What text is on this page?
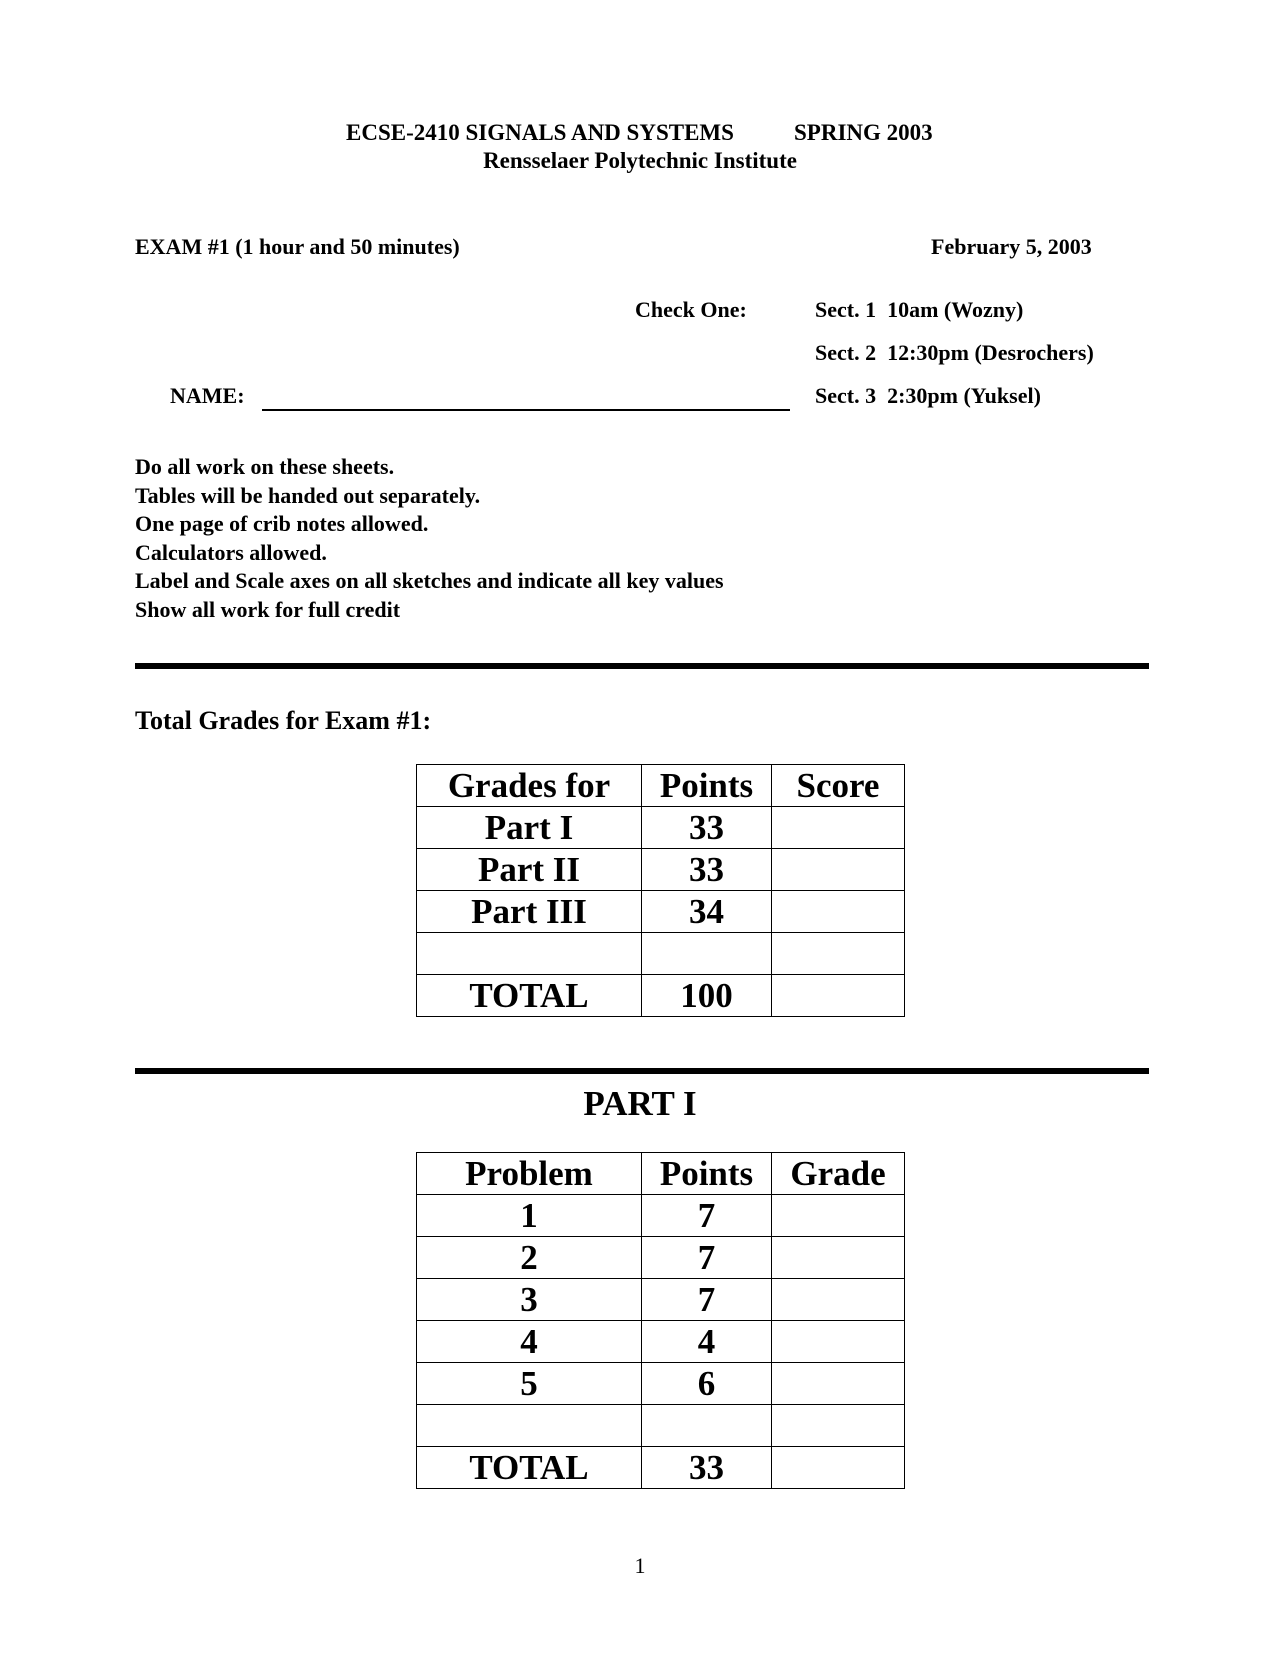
ECSE-2410 SIGNALS AND SYSTEMS	SPRING 2003
Rensselaer Polytechnic Institute
EXAM #1 (1 hour and 50 minutes)	February 5, 2003
Check One:	Sect. 1  10am (Wozny)
Sect. 2  12:30pm (Desrochers)
Sect. 3  2:30pm (Yuksel)
NAME:
Do all work on these sheets.
Tables will be handed out separately.
One page of crib notes allowed.
Calculators allowed.
Label and Scale axes on all sketches and indicate all key values
Show all work for full credit
Total Grades for Exam #1:
Grades for	Points	Score
Part I	33	
Part II	33	
Part III	34	

TOTAL	100	
PART I
Problem	Points	Grade
1	7	
2	7	
3	7	
4	4	
5	6	

TOTAL	33	
1
